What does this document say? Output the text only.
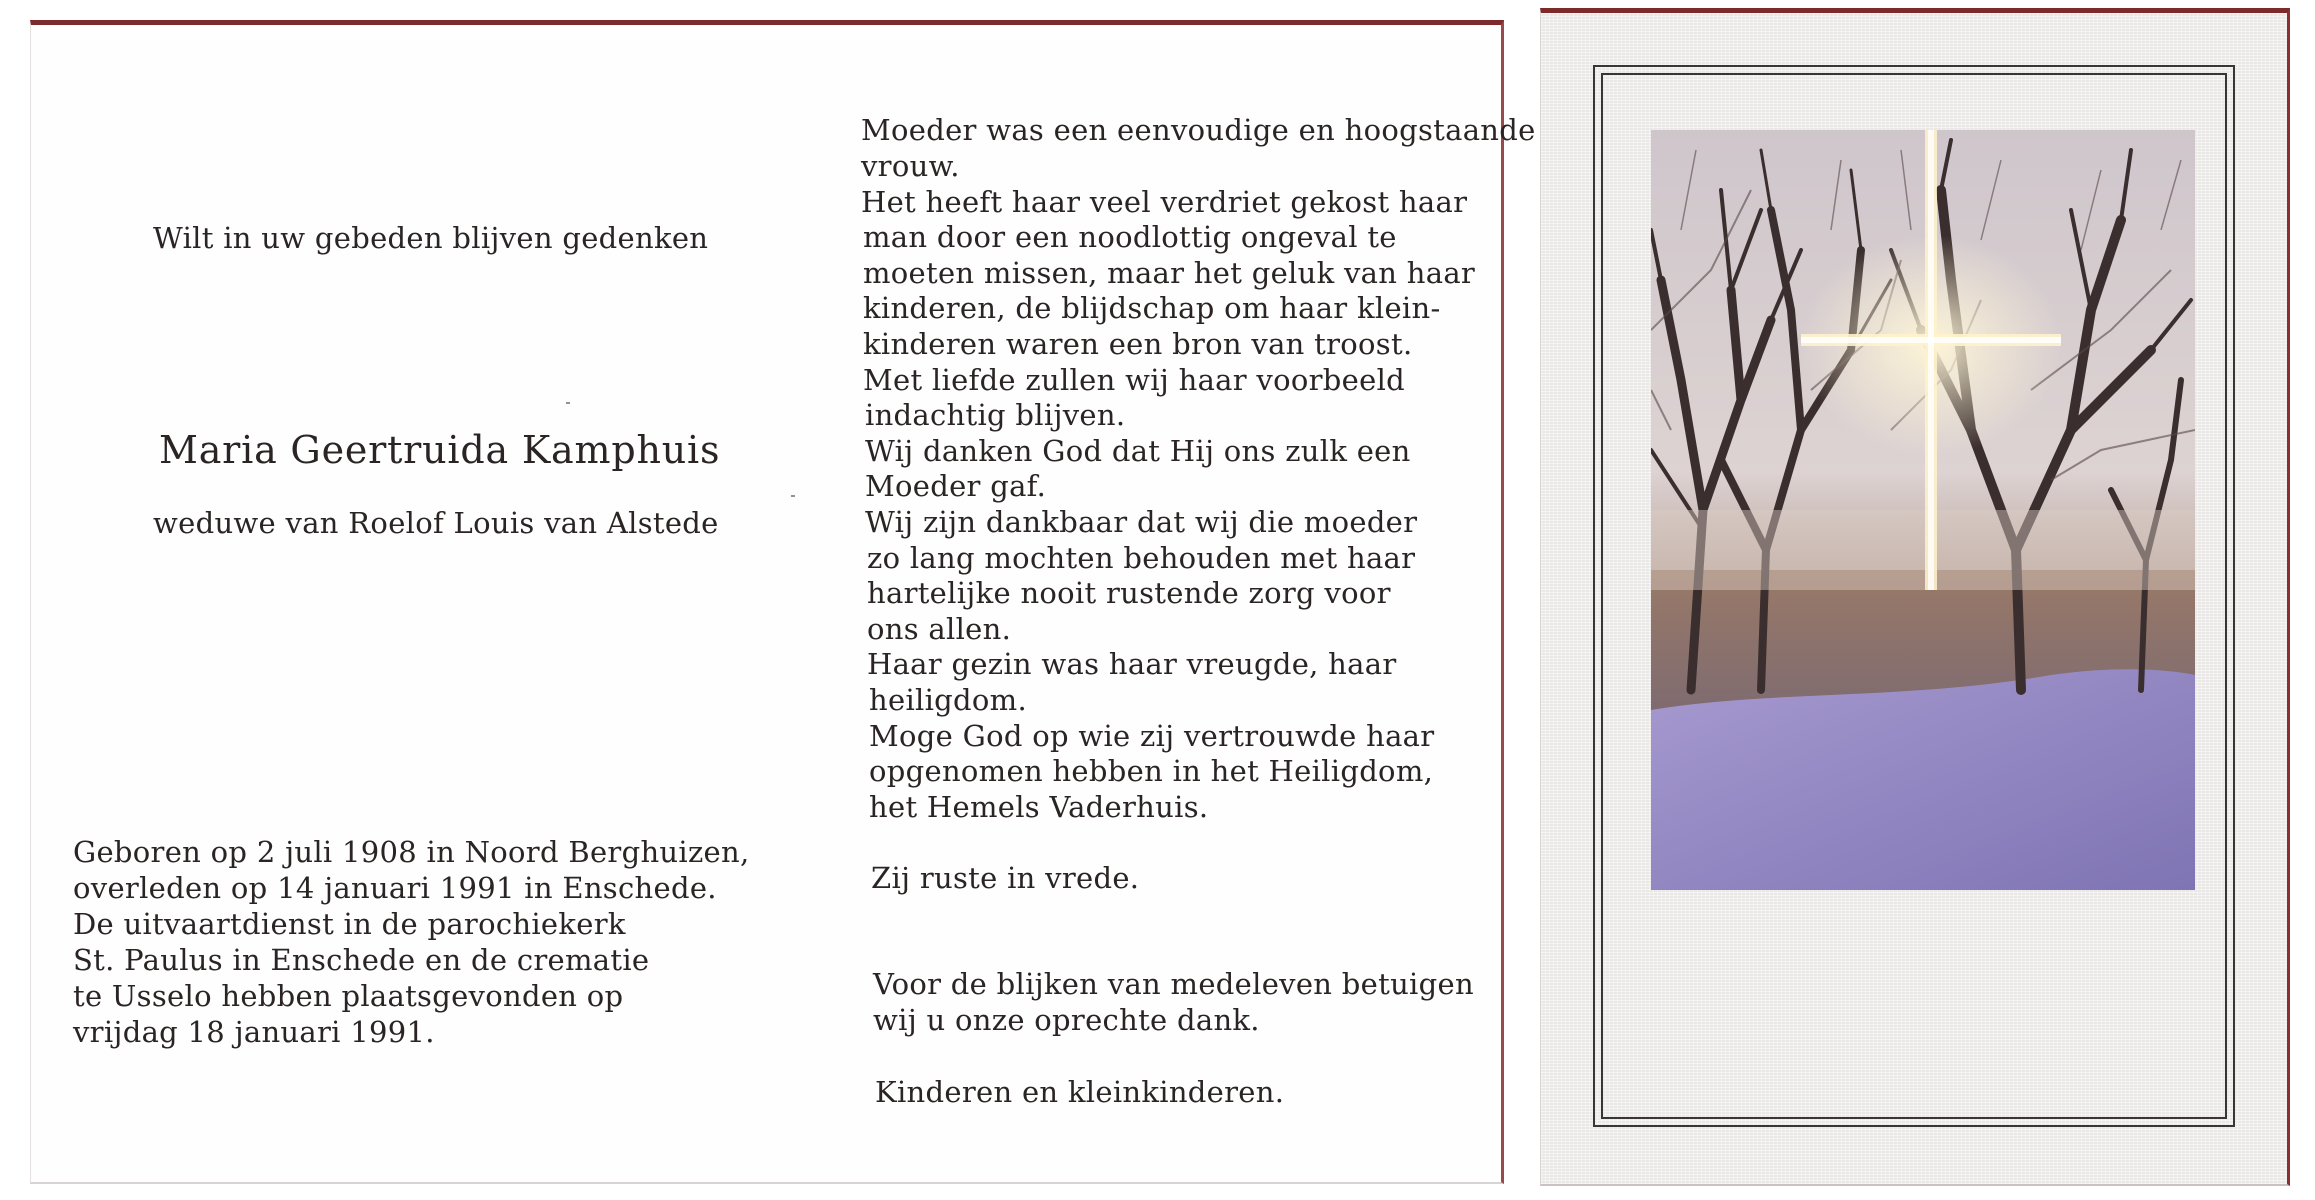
Wilt in uw gebeden blijven gedenken
Maria Geertruida Kamphuis
weduwe van Roelof Louis van Alstede
Geboren op 2 juli 1908 in Noord Berghuizen,
overleden op 14 januari 1991 in Enschede.
De uitvaartdienst in de parochiekerk
St. Paulus in Enschede en de crematie
te Usselo hebben plaatsgevonden op
vrijdag 18 januari 1991.
Moeder was een eenvoudige en hoogstaande
vrouw.
Het heeft haar veel verdriet gekost haar
man door een noodlottig ongeval te
moeten missen, maar het geluk van haar
kinderen, de blijdschap om haar klein-
kinderen waren een bron van troost.
Met liefde zullen wij haar voorbeeld
indachtig blijven.
Wij danken God dat Hij ons zulk een
Moeder gaf.
Wij zijn dankbaar dat wij die moeder
zo lang mochten behouden met haar
hartelijke nooit rustende zorg voor
ons allen.
Haar gezin was haar vreugde, haar
heiligdom.
Moge God op wie zij vertrouwde haar
opgenomen hebben in het Heiligdom,
het Hemels Vaderhuis.
Zij ruste in vrede.
Voor de blijken van medeleven betuigen
wij u onze oprechte dank.
Kinderen en kleinkinderen.
